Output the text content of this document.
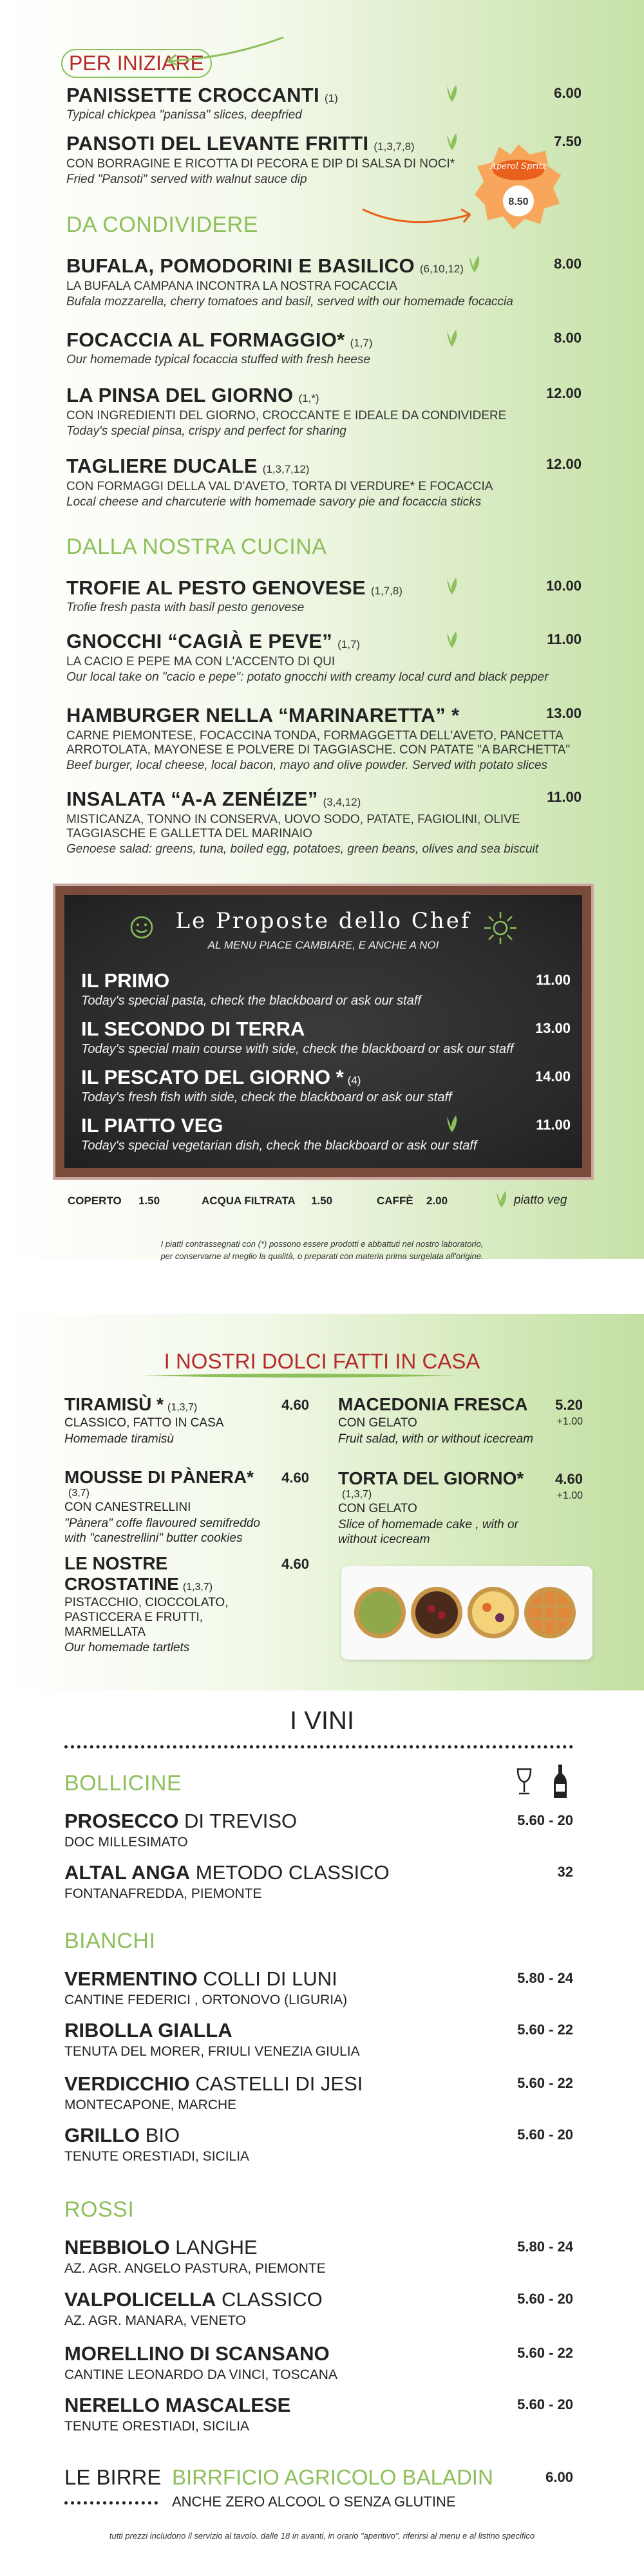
PER INIZIARE
PANISSETTE CROCCANTI (1)	6.00
Typical chickpea "panissa" slices, deepfried
PANSOTI DEL LEVANTE FRITTI (1,3,7,8)	7.50
CON BORRAGINE E RICOTTA DI PECORA E DIP DI SALSA DI NOCI*
Fried "Pansoti" served with walnut sauce dip
Aperol Spritz
8.50
DA CONDIVIDERE
BUFALA, POMODORINI E BASILICO (6,10,12)	8.00
LA BUFALA CAMPANA INCONTRA LA NOSTRA FOCACCIA
Bufala mozzarella, cherry tomatoes and basil, served with our homemade focaccia
FOCACCIA AL FORMAGGIO* (1,7)	8.00
Our homemade typical focaccia stuffed with fresh heese
LA PINSA DEL GIORNO (1,*)	12.00
CON INGREDIENTI DEL GIORNO, CROCCANTE E IDEALE DA CONDIVIDERE
Today's special pinsa, crispy and perfect for sharing
TAGLIERE DUCALE (1,3,7,12)	12.00
CON FORMAGGI DELLA VAL D'AVETO, TORTA DI VERDURE* E FOCACCIA
Local cheese and charcuterie with homemade savory pie and focaccia sticks
DALLA NOSTRA CUCINA
TROFIE AL PESTO GENOVESE (1,7,8)	10.00
Trofie fresh pasta with basil pesto genovese
GNOCCHI “CAGIÀ E PEVE” (1,7)	11.00
LA CACIO E PEPE MA CON L'ACCENTO DI QUI
Our local take on "cacio e pepe": potato gnocchi with creamy local curd and black pepper
HAMBURGER NELLA “MARINARETTA” *	13.00
CARNE PIEMONTESE, FOCACCINA TONDA, FORMAGGETTA DELL'AVETO, PANCETTA ARROTOLATA, MAYONESE E POLVERE DI TAGGIASCHE. CON PATATE "A BARCHETTA"
Beef burger, local cheese, local bacon, mayo and olive powder. Served with potato slices
INSALATA “A-A ZENÉIZE” (3,4,12)	11.00
MISTICANZA, TONNO IN CONSERVA, UOVO SODO, PATATE, FAGIOLINI, OLIVE TAGGIASCHE E GALLETTA DEL MARINAIO
Genoese salad: greens, tuna, boiled egg, potatoes, green beans, olives and sea biscuit
Le Proposte dello Chef
AL MENU PIACE CAMBIARE, E ANCHE A NOI
IL PRIMO	11.00
Today's special pasta, check the blackboard or ask our staff
IL SECONDO DI TERRA	13.00
Today's special main course with side, check the blackboard or ask our staff
IL PESCATO DEL GIORNO * (4)	14.00
Today's fresh fish with side, check the blackboard or ask our staff
IL PIATTO VEG	11.00
Today's special vegetarian dish, check the blackboard or ask our staff
COPERTO 1.50	ACQUA FILTRATA 1.50	CAFFÈ 2.00	piatto veg
I piatti contrassegnati con (*) possono essere prodotti e abbattuti nel nostro laboratorio,
per conservarne al meglio la qualità, o preparati con materia prima surgelata all'origine.
I NOSTRI DOLCI FATTI IN CASA
TIRAMISÙ * (1,3,7)	4.60
CLASSICO, FATTO IN CASA
Homemade tiramisù
MACEDONIA FRESCA 5.20
+1.00
CON GELATO
Fruit salad, with or without icecream
MOUSSE DI PÀNERA*(3,7)
4.60
CON CANESTRELLINI
"Pànera" coffe flavoured semifreddo with "canestrellini" butter cookies
TORTA DEL GIORNO*(1,3,7)
4.60
+1.00
CON GELATO
Slice of homemade cake , with or without icecream
LE NOSTRE CROSTATINE (1,3,7)
4.60
PISTACCHIO, CIOCCOLATO, PASTICCERA E FRUTTI, MARMELLATA
Our homemade tartlets
I VINI
BOLLICINE
PROSECCO DI TREVISO	5.60 - 20
DOC MILLESIMATO
ALTAL ANGA METODO CLASSICO	32
FONTANAFREDDA, PIEMONTE
BIANCHI
VERMENTINO COLLI DI LUNI	5.80 - 24
CANTINE FEDERICI , ORTONOVO (LIGURIA)
RIBOLLA GIALLA	5.60 - 22
TENUTA DEL MORER, FRIULI VENEZIA GIULIA
VERDICCHIO CASTELLI DI JESI	5.60 - 22
MONTECAPONE, MARCHE
GRILLO BIO	5.60 - 20
TENUTE ORESTIADI, SICILIA
ROSSI
NEBBIOLO LANGHE	5.80 - 24
AZ. AGR. ANGELO PASTURA, PIEMONTE
VALPOLICELLA CLASSICO	5.60 - 20
AZ. AGR. MANARA, VENETO
MORELLINO DI SCANSANO	5.60 - 22
CANTINE LEONARDO DA VINCI, TOSCANA
NERELLO MASCALESE	5.60 - 20
TENUTE ORESTIADI, SICILIA
LE BIRRE BIRRFICIO AGRICOLO BALADIN
ANCHE ZERO ALCOOL O SENZA GLUTINE
6.00
tutti prezzi includono il servizio al tavolo. dalle 18 in avanti, in orario "aperitivo", riferirsi al menu e al listino specifico
